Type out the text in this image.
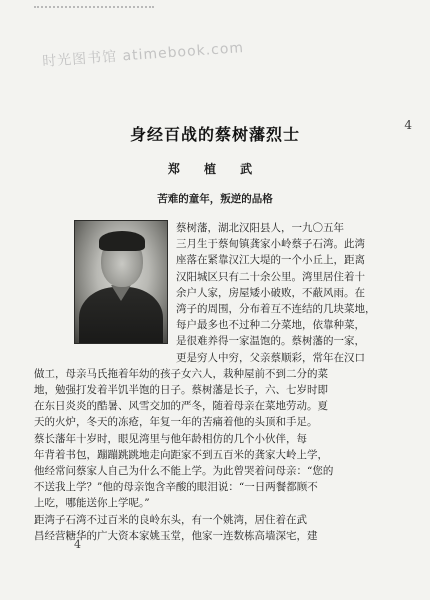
时光图书馆 atimebook.com
4
身经百战的蔡树藩烈士
郑 植 武
苦难的童年，叛逆的品格
蔡树藩，湖北汉阳县人，一九〇五年
三月生于蔡甸镇龚家小岭蔡子石湾。此湾
座落在紧靠汉江大堤的一个小丘上，距离
汉阳城区只有二十余公里。湾里居住着十
余户人家，房屋矮小破败，不蔽风雨。在
湾子的周围，分布着互不连结的几块菜地，
每户最多也不过种二分菜地，依靠种菜，
是很难养得一家温饱的。蔡树藩的一家，
更是穷人中穷，父亲蔡顺彩，常年在汉口
做工，母亲马氏拖着年幼的孩子女六人，栽种屋前不到二分的菜
地，勉强打发着半饥半饱的日子。蔡树藩是长子，六、七岁时即
在东日炎炎的酷暑、风雪交加的严冬，随着母亲在菜地劳动。夏
天的火炉，冬天的冻疮，年复一年的苦痛着他的头顶和手足。
蔡长藩年十岁时，眼见湾里与他年龄相仿的几个小伙伴，每
年背着书包，蹦蹦跳跳地走向距家不到五百米的龚家大岭上学，
他经常问蔡家人自己为什么不能上学。为此曾哭着问母亲：“您的
不送我上学？”他的母亲饱含辛酸的眼泪说：“一日两餐都顾不
上吃，哪能送你上学呢。”
距湾子石湾不过百米的良岭东头，有一个姚湾，居住着在武
昌经营糖华的广大资本家姚玉堂，他家一连数栋高墙深宅，建
4
